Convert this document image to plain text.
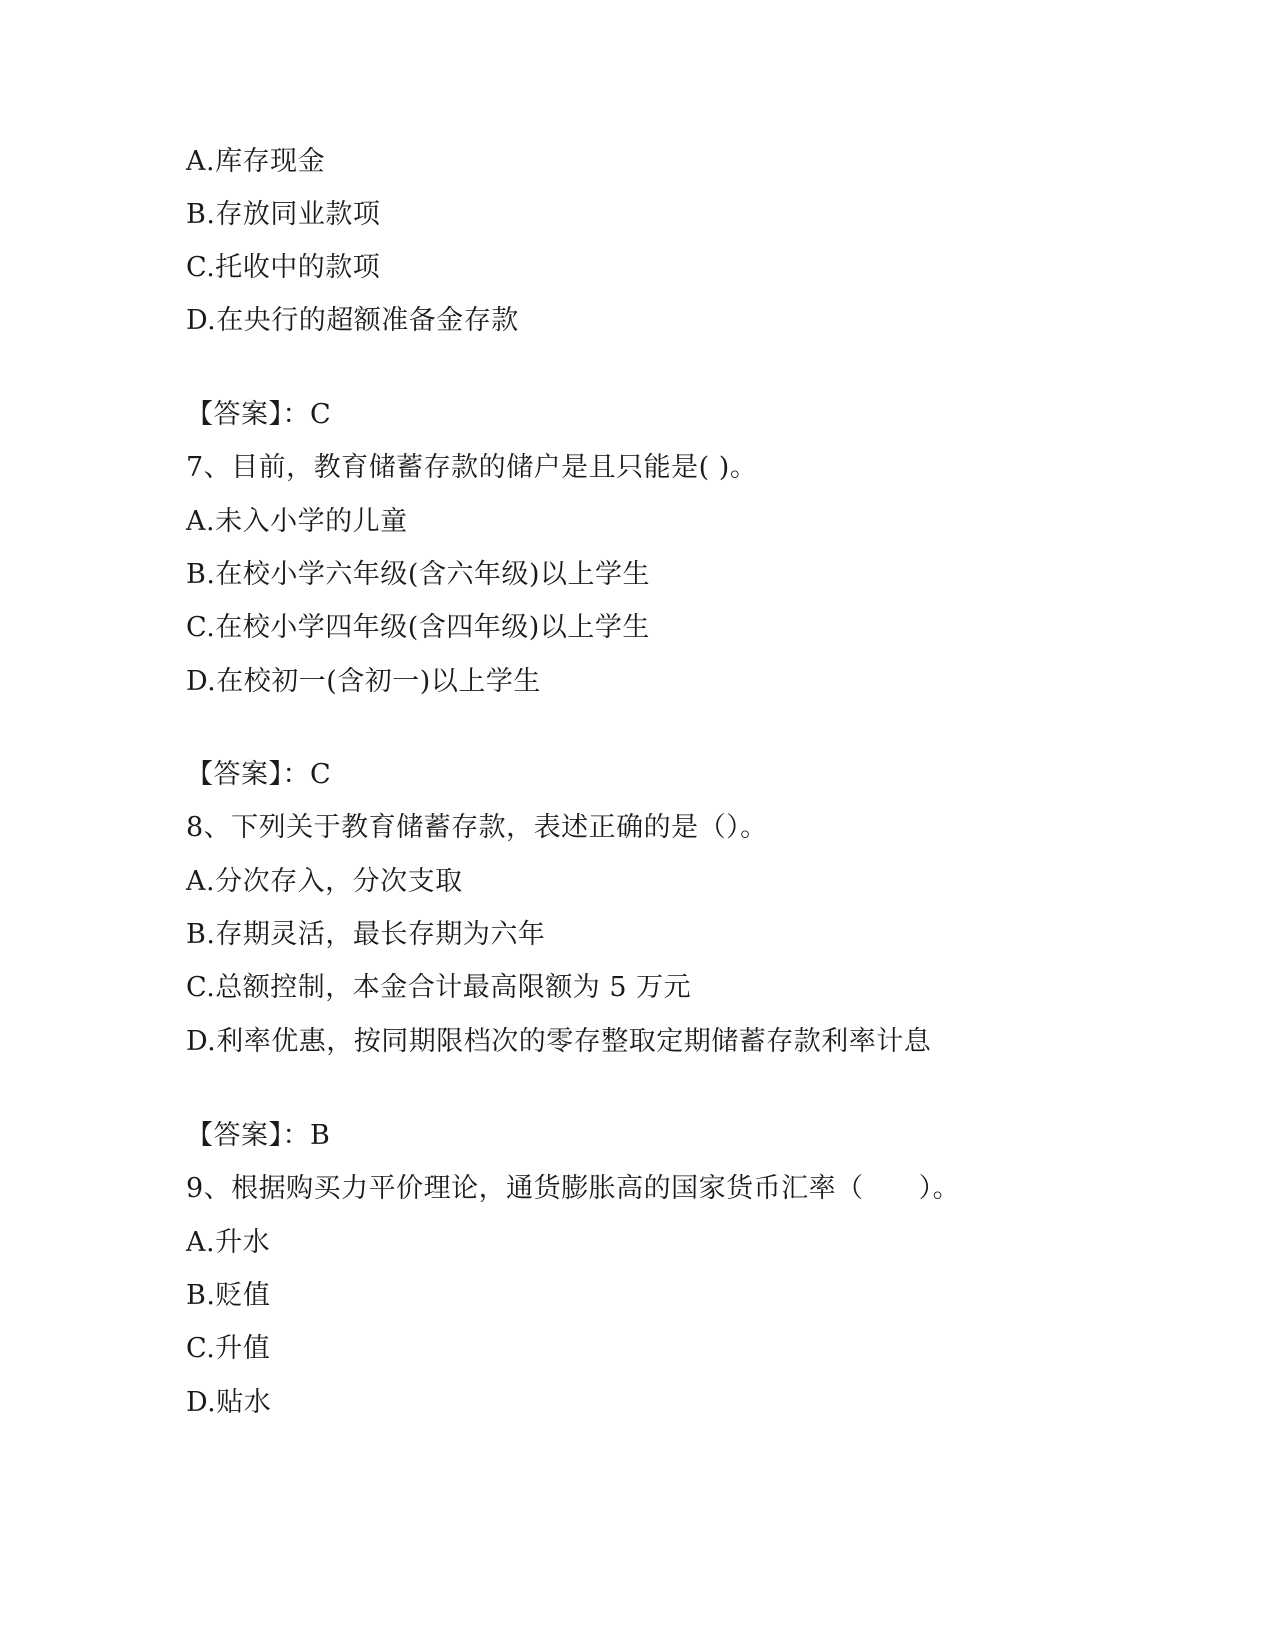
A.库存现金
B.存放同业款项
C.托收中的款项
D.在央行的超额准备金存款
【答案】：C
7、目前，教育储蓄存款的储户是且只能是( )。
A.未入小学的儿童
B.在校小学六年级(含六年级)以上学生
C.在校小学四年级(含四年级)以上学生
D.在校初一(含初一)以上学生
【答案】：C
8、下列关于教育储蓄存款，表述正确的是（）。
A.分次存入，分次支取
B.存期灵活，最长存期为六年
C.总额控制，本金合计最高限额为 5 万元
D.利率优惠，按同期限档次的零存整取定期储蓄存款利率计息
【答案】：B
9、根据购买力平价理论，通货膨胀高的国家货币汇率（　　）。
A.升水
B.贬值
C.升值
D.贴水
